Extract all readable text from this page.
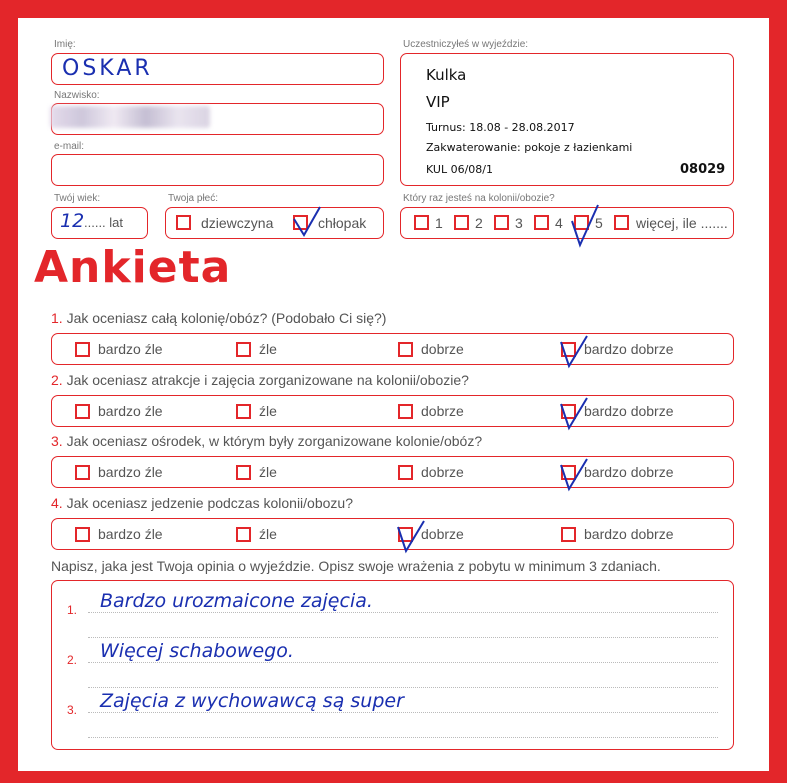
Imię:
OSKAR
Nazwisko:
e-mail:
Twój wiek:
12 ...... lat
Twoja płeć:
dziewczyna	chłopak
Uczestniczyłeś w wyjeździe:
Kulka
VIP
Turnus: 18.08 - 28.08.2017
Zakwaterowanie: pokoje z łazienkami
KUL 06/08/1	08029
Który raz jesteś na kolonii/obozie?
1 2 3 4 5 więcej, ile .......
Ankieta
1. Jak oceniasz całą kolonię/obóz? (Podobało Ci się?)
bardzo źle	źle	dobrze	bardzo dobrze
2. Jak oceniasz atrakcje i zajęcia zorganizowane na kolonii/obozie?
bardzo źle	źle	dobrze	bardzo dobrze
3. Jak oceniasz ośrodek, w którym były zorganizowane kolonie/obóz?
bardzo źle	źle	dobrze	bardzo dobrze
4. Jak oceniasz jedzenie podczas kolonii/obozu?
bardzo źle	źle	dobrze	bardzo dobrze
Napisz, jaka jest Twoja opinia o wyjeździe. Opisz swoje wrażenia z pobytu w minimum 3 zdaniach.
1. Bardzo urozmaicone zajęcia.
2. Więcej schabowego.
3. Zajęcia z wychowawcą są super
